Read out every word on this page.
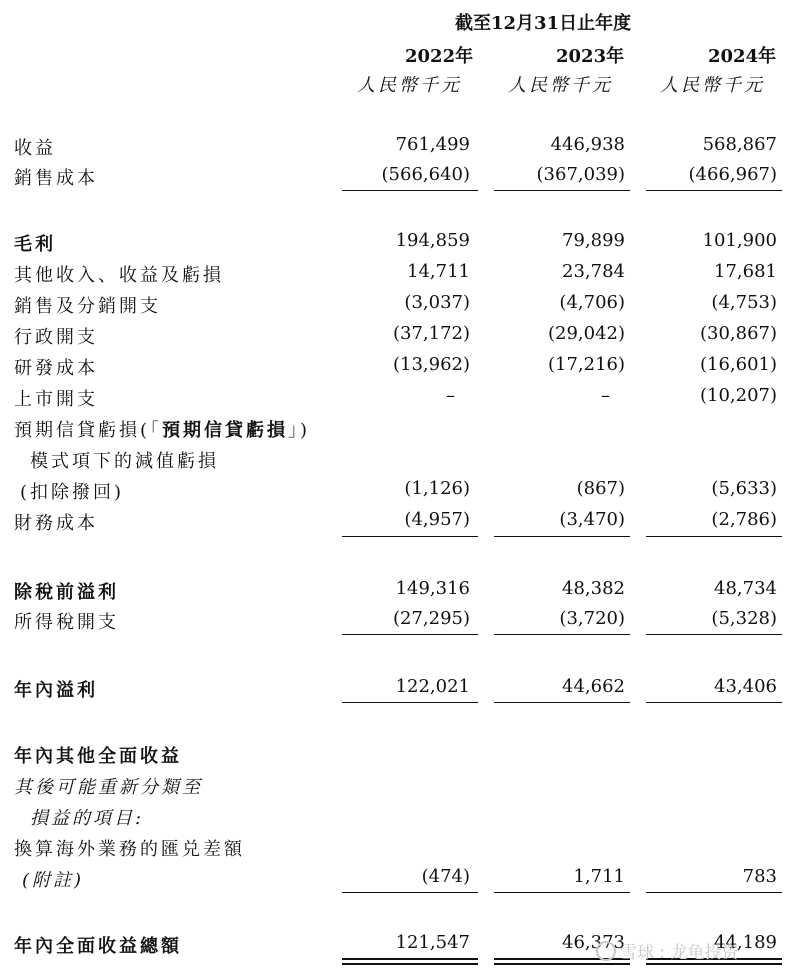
截至12月31日止年度
2022年	2023年	2024年
人民幣千元	人民幣千元	人民幣千元
收益	761,499	446,938	568,867
銷售成本	(566,640)	(367,039)	(466,967)
毛利	194,859	79,899	101,900
其他收入、收益及虧損	14,711	23,784	17,681
銷售及分銷開支	(3,037)	(4,706)	(4,753)
行政開支	(37,172)	(29,042)	(30,867)
研發成本	(13,962)	(17,216)	(16,601)
上市開支	–	–	(10,207)
預期信貸虧損(「預期信貸虧損」)
模式項下的減值虧損
(扣除撥回)	(1,126)	(867)	(5,633)
財務成本	(4,957)	(3,470)	(2,786)
除稅前溢利	149,316	48,382	48,734
所得稅開支	(27,295)	(3,720)	(5,328)
年內溢利	122,021	44,662	43,406
年內其他全面收益
其後可能重新分類至
損益的項目:
換算海外業務的匯兑差額
(附註)	(474)	1,711	783
年內全面收益總額	121,547	46,373	44,189
雪球 : 龙龟投资
